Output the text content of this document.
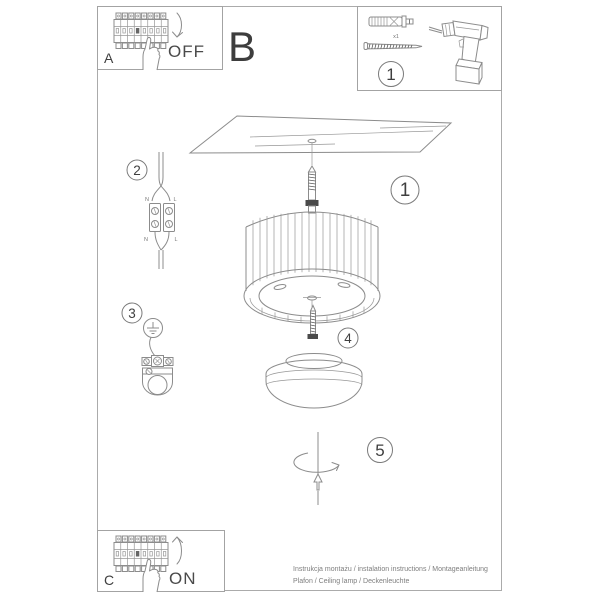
A	OFF B	x1
1
1
4
5
2
N	L
N	L
3
C	ON	Instrukcja montażu / instalation instructions / Montageanleitung
Plafon / Ceiling lamp / Deckenleuchte
